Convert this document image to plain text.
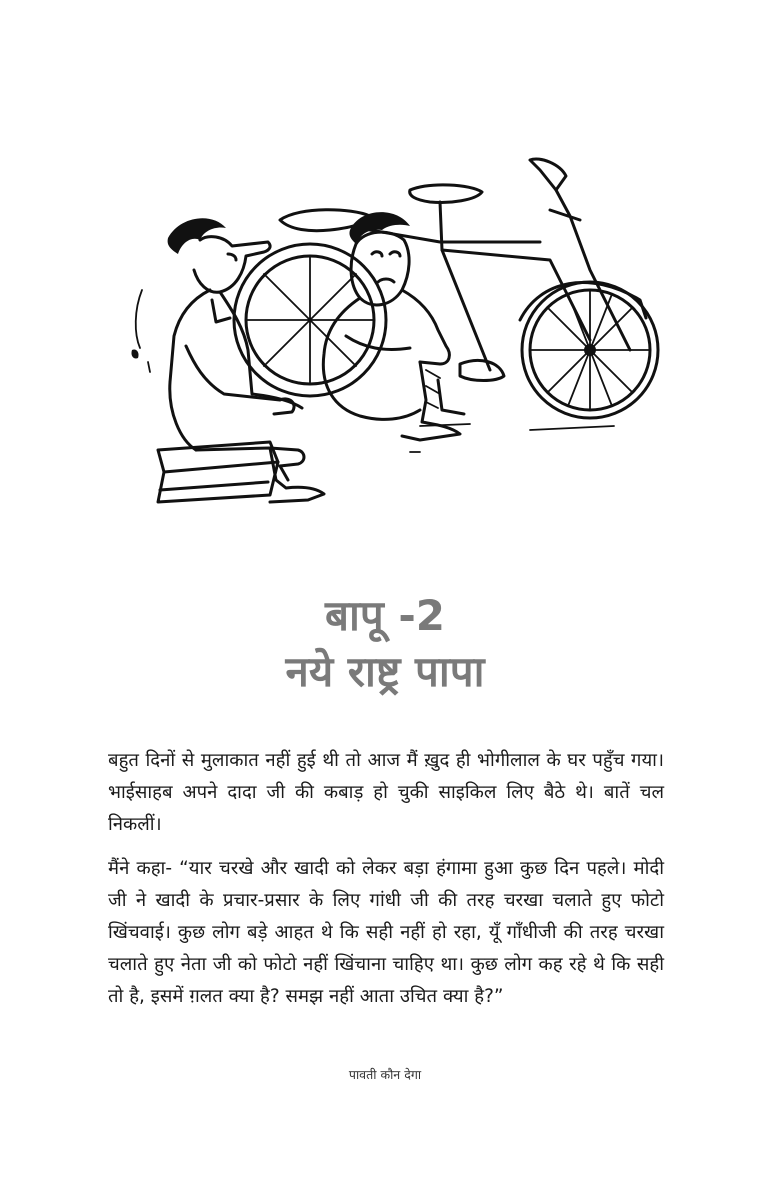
बापू -2
नये राष्ट्र पापा

बहुत दिनों से मुलाकात नहीं हुई थी तो आज मैं ख़ुद ही भोगीलाल के घर पहुँच गया। भाईसाहब अपने दादा जी की कबाड़ हो चुकी साइकिल लिए बैठे थे। बातें चल निकलीं।

मैंने कहा- “यार चरखे और खादी को लेकर बड़ा हंगामा हुआ कुछ दिन पहले। मोदी जी ने खादी के प्रचार-प्रसार के लिए गांधी जी की तरह चरखा चलाते हुए फोटो खिंचवाई। कुछ लोग बड़े आहत थे कि सही नहीं हो रहा, यूँ गाँधीजी की तरह चरखा चलाते हुए नेता जी को फोटो नहीं खिंचाना चाहिए था। कुछ लोग कह रहे थे कि सही तो है, इसमें ग़लत क्या है? समझ नहीं आता उचित क्या है?”

पावती कौन देगा
